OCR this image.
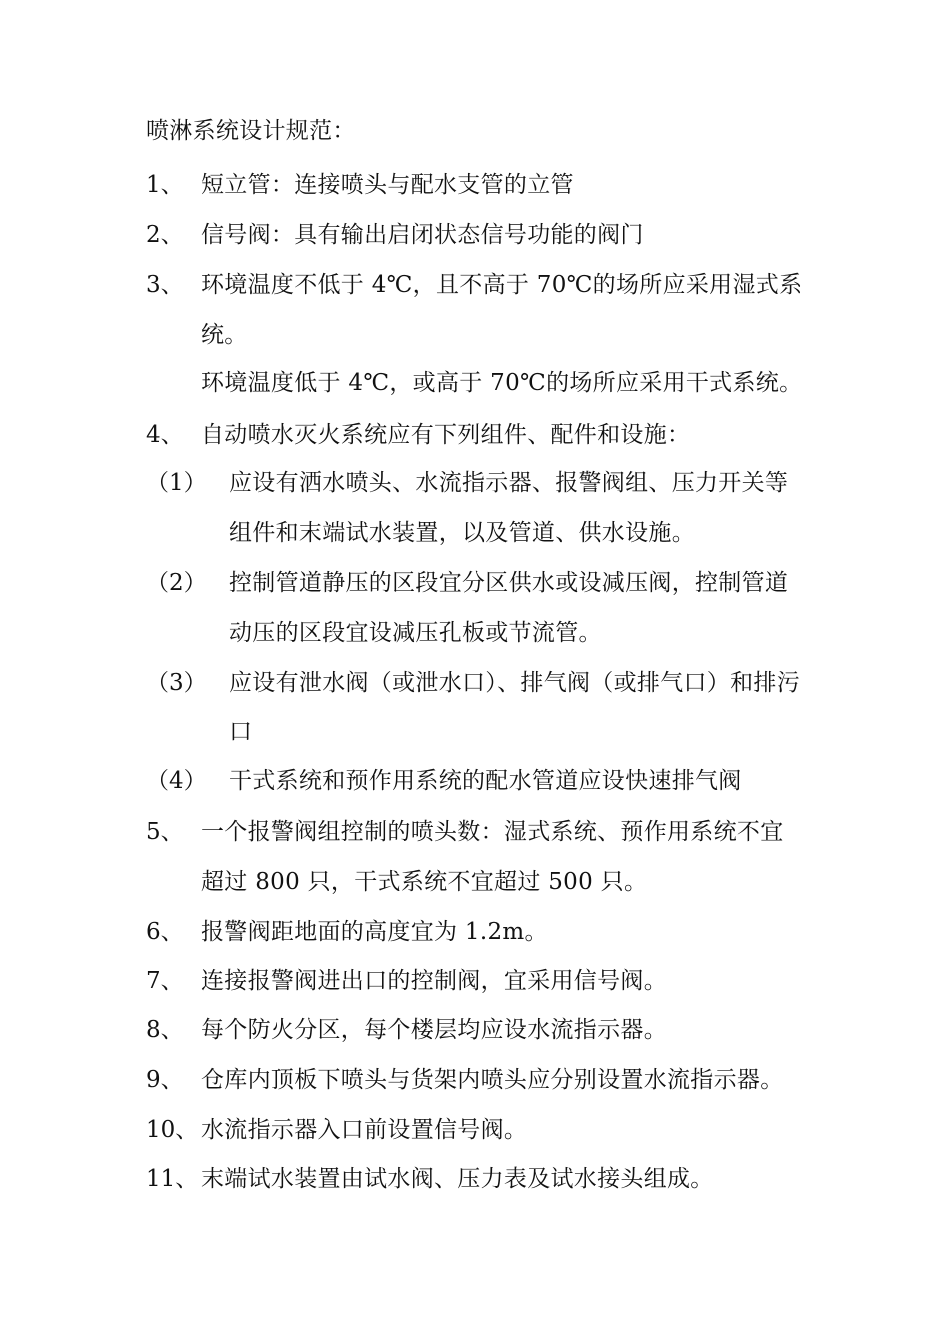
喷淋系统设计规范：
1、 短立管：连接喷头与配水支管的立管
2、 信号阀：具有输出启闭状态信号功能的阀门
3、 环境温度不低于 4℃，且不高于 70℃的场所应采用湿式系
统。
环境温度低于 4℃，或高于 70℃的场所应采用干式系统。
4、 自动喷水灭火系统应有下列组件、配件和设施：
（1） 应设有洒水喷头、水流指示器、报警阀组、压力开关等
组件和末端试水装置，以及管道、供水设施。
（2） 控制管道静压的区段宜分区供水或设减压阀，控制管道
动压的区段宜设减压孔板或节流管。
（3） 应设有泄水阀（或泄水口）、排气阀（或排气口）和排污
口
（4） 干式系统和预作用系统的配水管道应设快速排气阀
5、 一个报警阀组控制的喷头数：湿式系统、预作用系统不宜
超过 800 只，干式系统不宜超过 500 只。
6、 报警阀距地面的高度宜为 1.2m。
7、 连接报警阀进出口的控制阀，宜采用信号阀。
8、 每个防火分区，每个楼层均应设水流指示器。
9、 仓库内顶板下喷头与货架内喷头应分别设置水流指示器。
10、 水流指示器入口前设置信号阀。
11、 末端试水装置由试水阀、压力表及试水接头组成。
